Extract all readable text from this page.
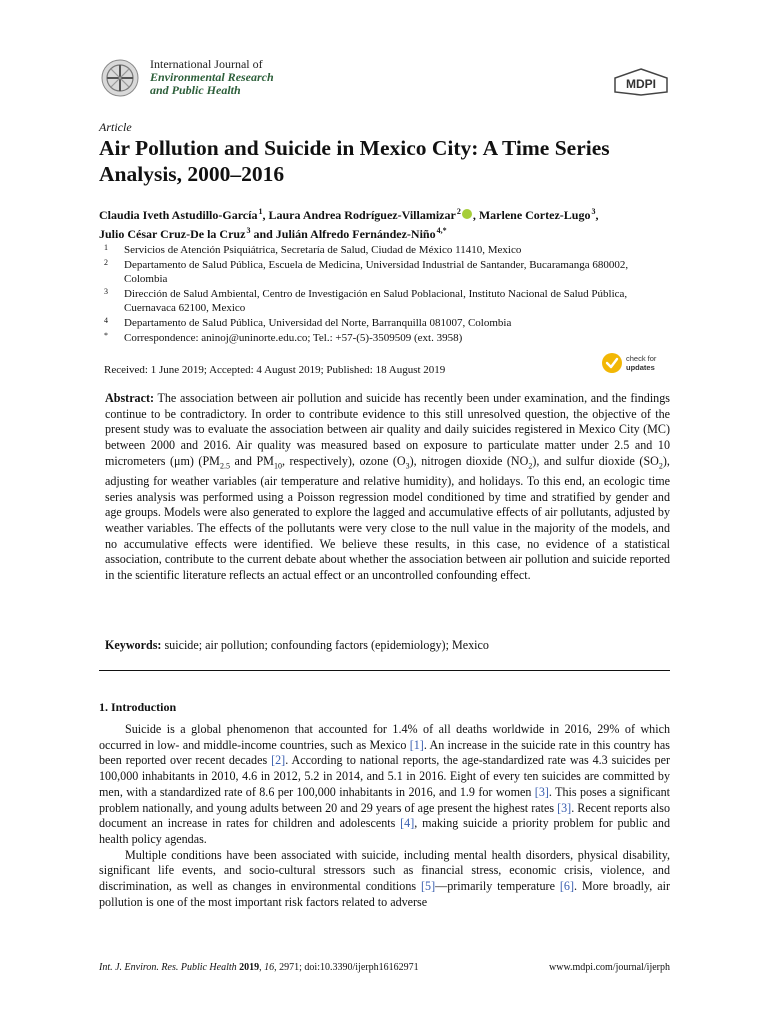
International Journal of
Environmental Research
and Public Health	MDPI
Article
Air Pollution and Suicide in Mexico City: A Time Series Analysis, 2000–2016
Claudia Iveth Astudillo-García $^1$, Laura Andrea Rodríguez-Villamizar $^2$ , Marlene Cortez-Lugo $^3$,
Julio César Cruz-De la Cruz $^3$ and Julián Alfredo Fernández-Niño $^{4,*}$
1	Servicios de Atención Psiquiátrica, Secretaría de Salud, Ciudad de México 11410, Mexico
2	Departamento de Salud Pública, Escuela de Medicina, Universidad Industrial de Santander, Bucaramanga 680002, Colombia
3	Dirección de Salud Ambiental, Centro de Investigación en Salud Poblacional, Instituto Nacional de Salud Pública, Cuernavaca 62100, Mexico
4	Departamento de Salud Pública, Universidad del Norte, Barranquilla 081007, Colombia
*	Correspondence: aninoj@uninorte.edu.co; Tel.: +57-(5)-3509509 (ext. 3958)
Received: 1 June 2019; Accepted: 4 August 2019; Published: 18 August 2019
check for
updates
Abstract: The association between air pollution and suicide has recently been under examination, and the findings continue to be contradictory. In order to contribute evidence to this still unresolved question, the objective of the present study was to evaluate the association between air quality and daily suicides registered in Mexico City (MC) between 2000 and 2016. Air quality was measured based on exposure to particulate matter under 2.5 and 10 micrometers (μm) ($PM_{2.5}$ and $PM_{10}$, respectively), ozone $(O_3)$, nitrogen dioxide $(NO_2)$, and sulfur dioxide $(SO_2)$, adjusting for weather variables (air temperature and relative humidity), and holidays. To this end, an ecologic time series analysis was performed using a Poisson regression model conditioned by time and stratified by gender and age groups. Models were also generated to explore the lagged and accumulative effects of air pollutants, adjusted by weather variables. The effects of the pollutants were very close to the null value in the majority of the models, and no accumulative effects were identified. We believe these results, in this case, no evidence of a statistical association, contribute to the current debate about whether the association between air pollution and suicide reported in the scientific literature reflects an actual effect or an uncontrolled confounding effect.
Keywords: suicide; air pollution; confounding factors (epidemiology); Mexico
1. Introduction

Suicide is a global phenomenon that accounted for 1.4% of all deaths worldwide in 2016, 29% of which occurred in low- and middle-income countries, such as Mexico [1]. An increase in the suicide rate in this country has been reported over recent decades [2]. According to national reports, the age-standardized rate was 4.3 suicides per 100,000 inhabitants in 2010, 4.6 in 2012, 5.2 in 2014, and 5.1 in 2016. Eight of every ten suicides are committed by men, with a standardized rate of 8.6 per 100,000 inhabitants in 2016, and 1.9 for women [3]. This poses a significant problem nationally, and young adults between 20 and 29 years of age present the highest rates [3]. Recent reports also document an increase in rates for children and adolescents [4], making suicide a priority problem for public and health policy agendas.

Multiple conditions have been associated with suicide, including mental health disorders, physical disability, significant life events, and socio-cultural stressors such as financial stress, economic crisis, violence, and discrimination, as well as changes in environmental conditions [5]—primarily temperature [6]. More broadly, air pollution is one of the most important risk factors related to adverse

Int. J. Environ. Res. Public Health 2019, 16, 2971; doi:10.3390/ijerph16162971	www.mdpi.com/journal/ijerph
